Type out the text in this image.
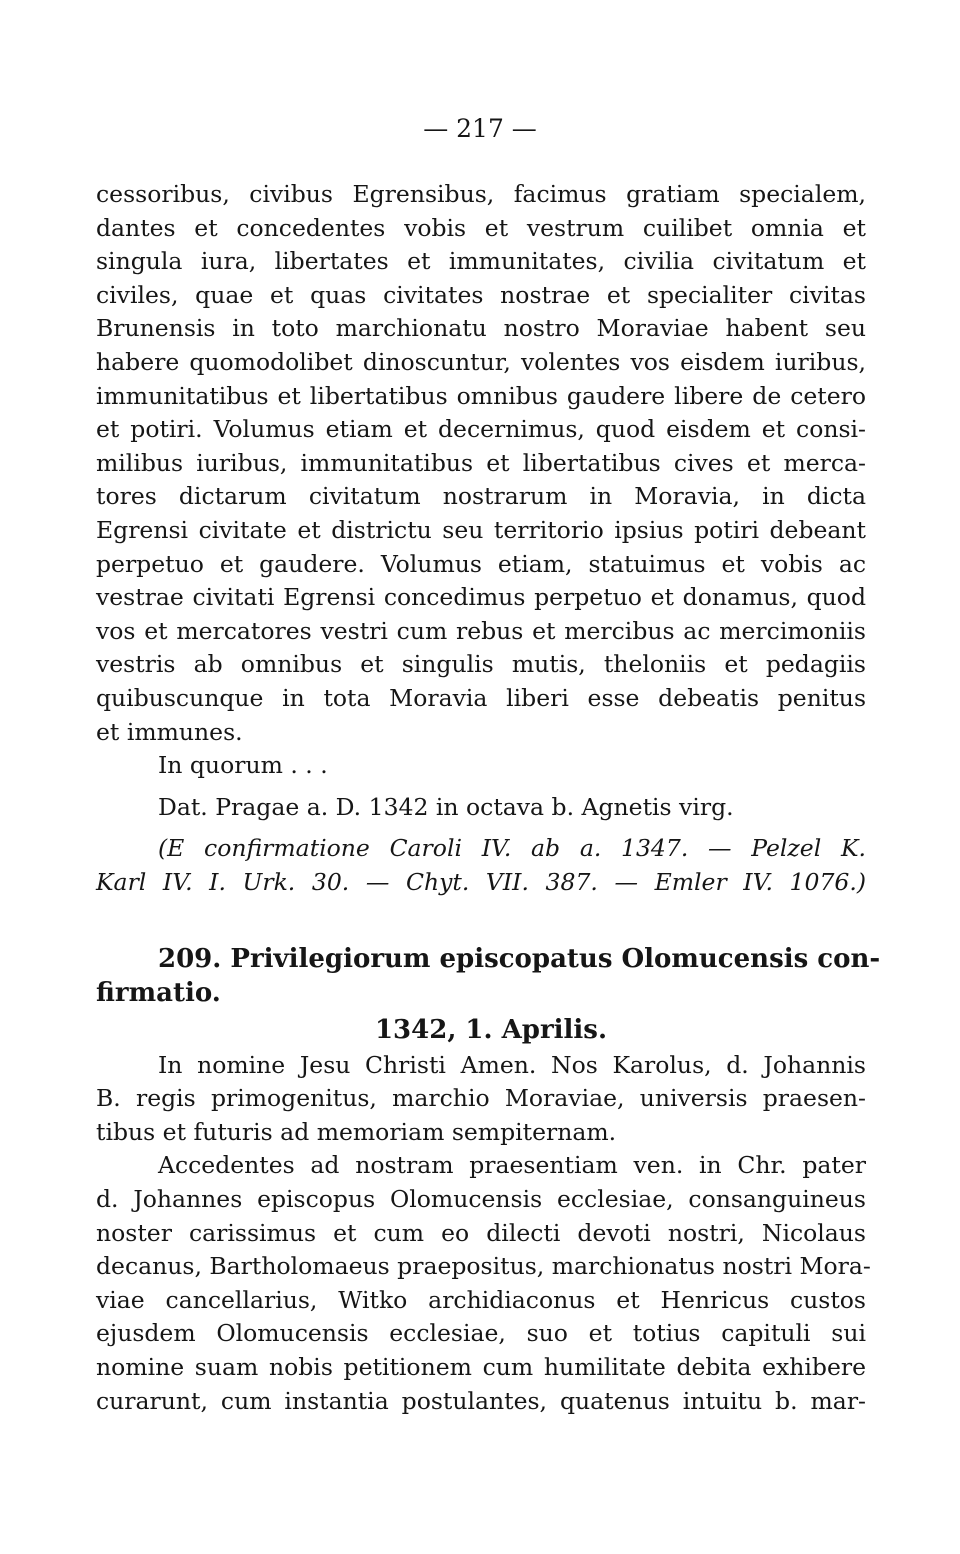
— 217 —
cessoribus, civibus Egrensibus, facimus gratiam specialem,
dantes et concedentes vobis et vestrum cuilibet omnia et
singula iura, libertates et immunitates, civilia civitatum et
civiles, quae et quas civitates nostrae et specialiter civitas
Brunensis in toto marchionatu nostro Moraviae habent seu
habere quomodolibet dinoscuntur, volentes vos eisdem iuribus,
immunitatibus et libertatibus omnibus gaudere libere de cetero
et potiri. Volumus etiam et decernimus, quod eisdem et consi-
milibus iuribus, immunitatibus et libertatibus cives et merca-
tores dictarum civitatum nostrarum in Moravia, in dicta
Egrensi civitate et districtu seu territorio ipsius potiri debeant
perpetuo et gaudere. Volumus etiam, statuimus et vobis ac
vestrae civitati Egrensi concedimus perpetuo et donamus, quod
vos et mercatores vestri cum rebus et mercibus ac mercimoniis
vestris ab omnibus et singulis mutis, theloniis et pedagiis
quibuscunque in tota Moravia liberi esse debeatis penitus
et immunes.
In quorum . . .
Dat. Pragae a. D. 1342 in octava b. Agnetis virg.
(E confirmatione Caroli IV. ab a. 1347. — Pelzel K.
Karl IV. I. Urk. 30. — Chyt. VII. 387. — Emler IV. 1076.)
209. Privilegiorum episcopatus Olomucensis con-
firmatio.
1342, 1. Aprilis.
In nomine Jesu Christi Amen. Nos Karolus, d. Johannis
B. regis primogenitus, marchio Moraviae, universis praesen-
tibus et futuris ad memoriam sempiternam.
Accedentes ad nostram praesentiam ven. in Chr. pater
d. Johannes episcopus Olomucensis ecclesiae, consanguineus
noster carissimus et cum eo dilecti devoti nostri, Nicolaus
decanus, Bartholomaeus praepositus, marchionatus nostri Mora-
viae cancellarius, Witko archidiaconus et Henricus custos
ejusdem Olomucensis ecclesiae, suo et totius capituli sui
nomine suam nobis petitionem cum humilitate debita exhibere
curarunt, cum instantia postulantes, quatenus intuitu b. mar-
